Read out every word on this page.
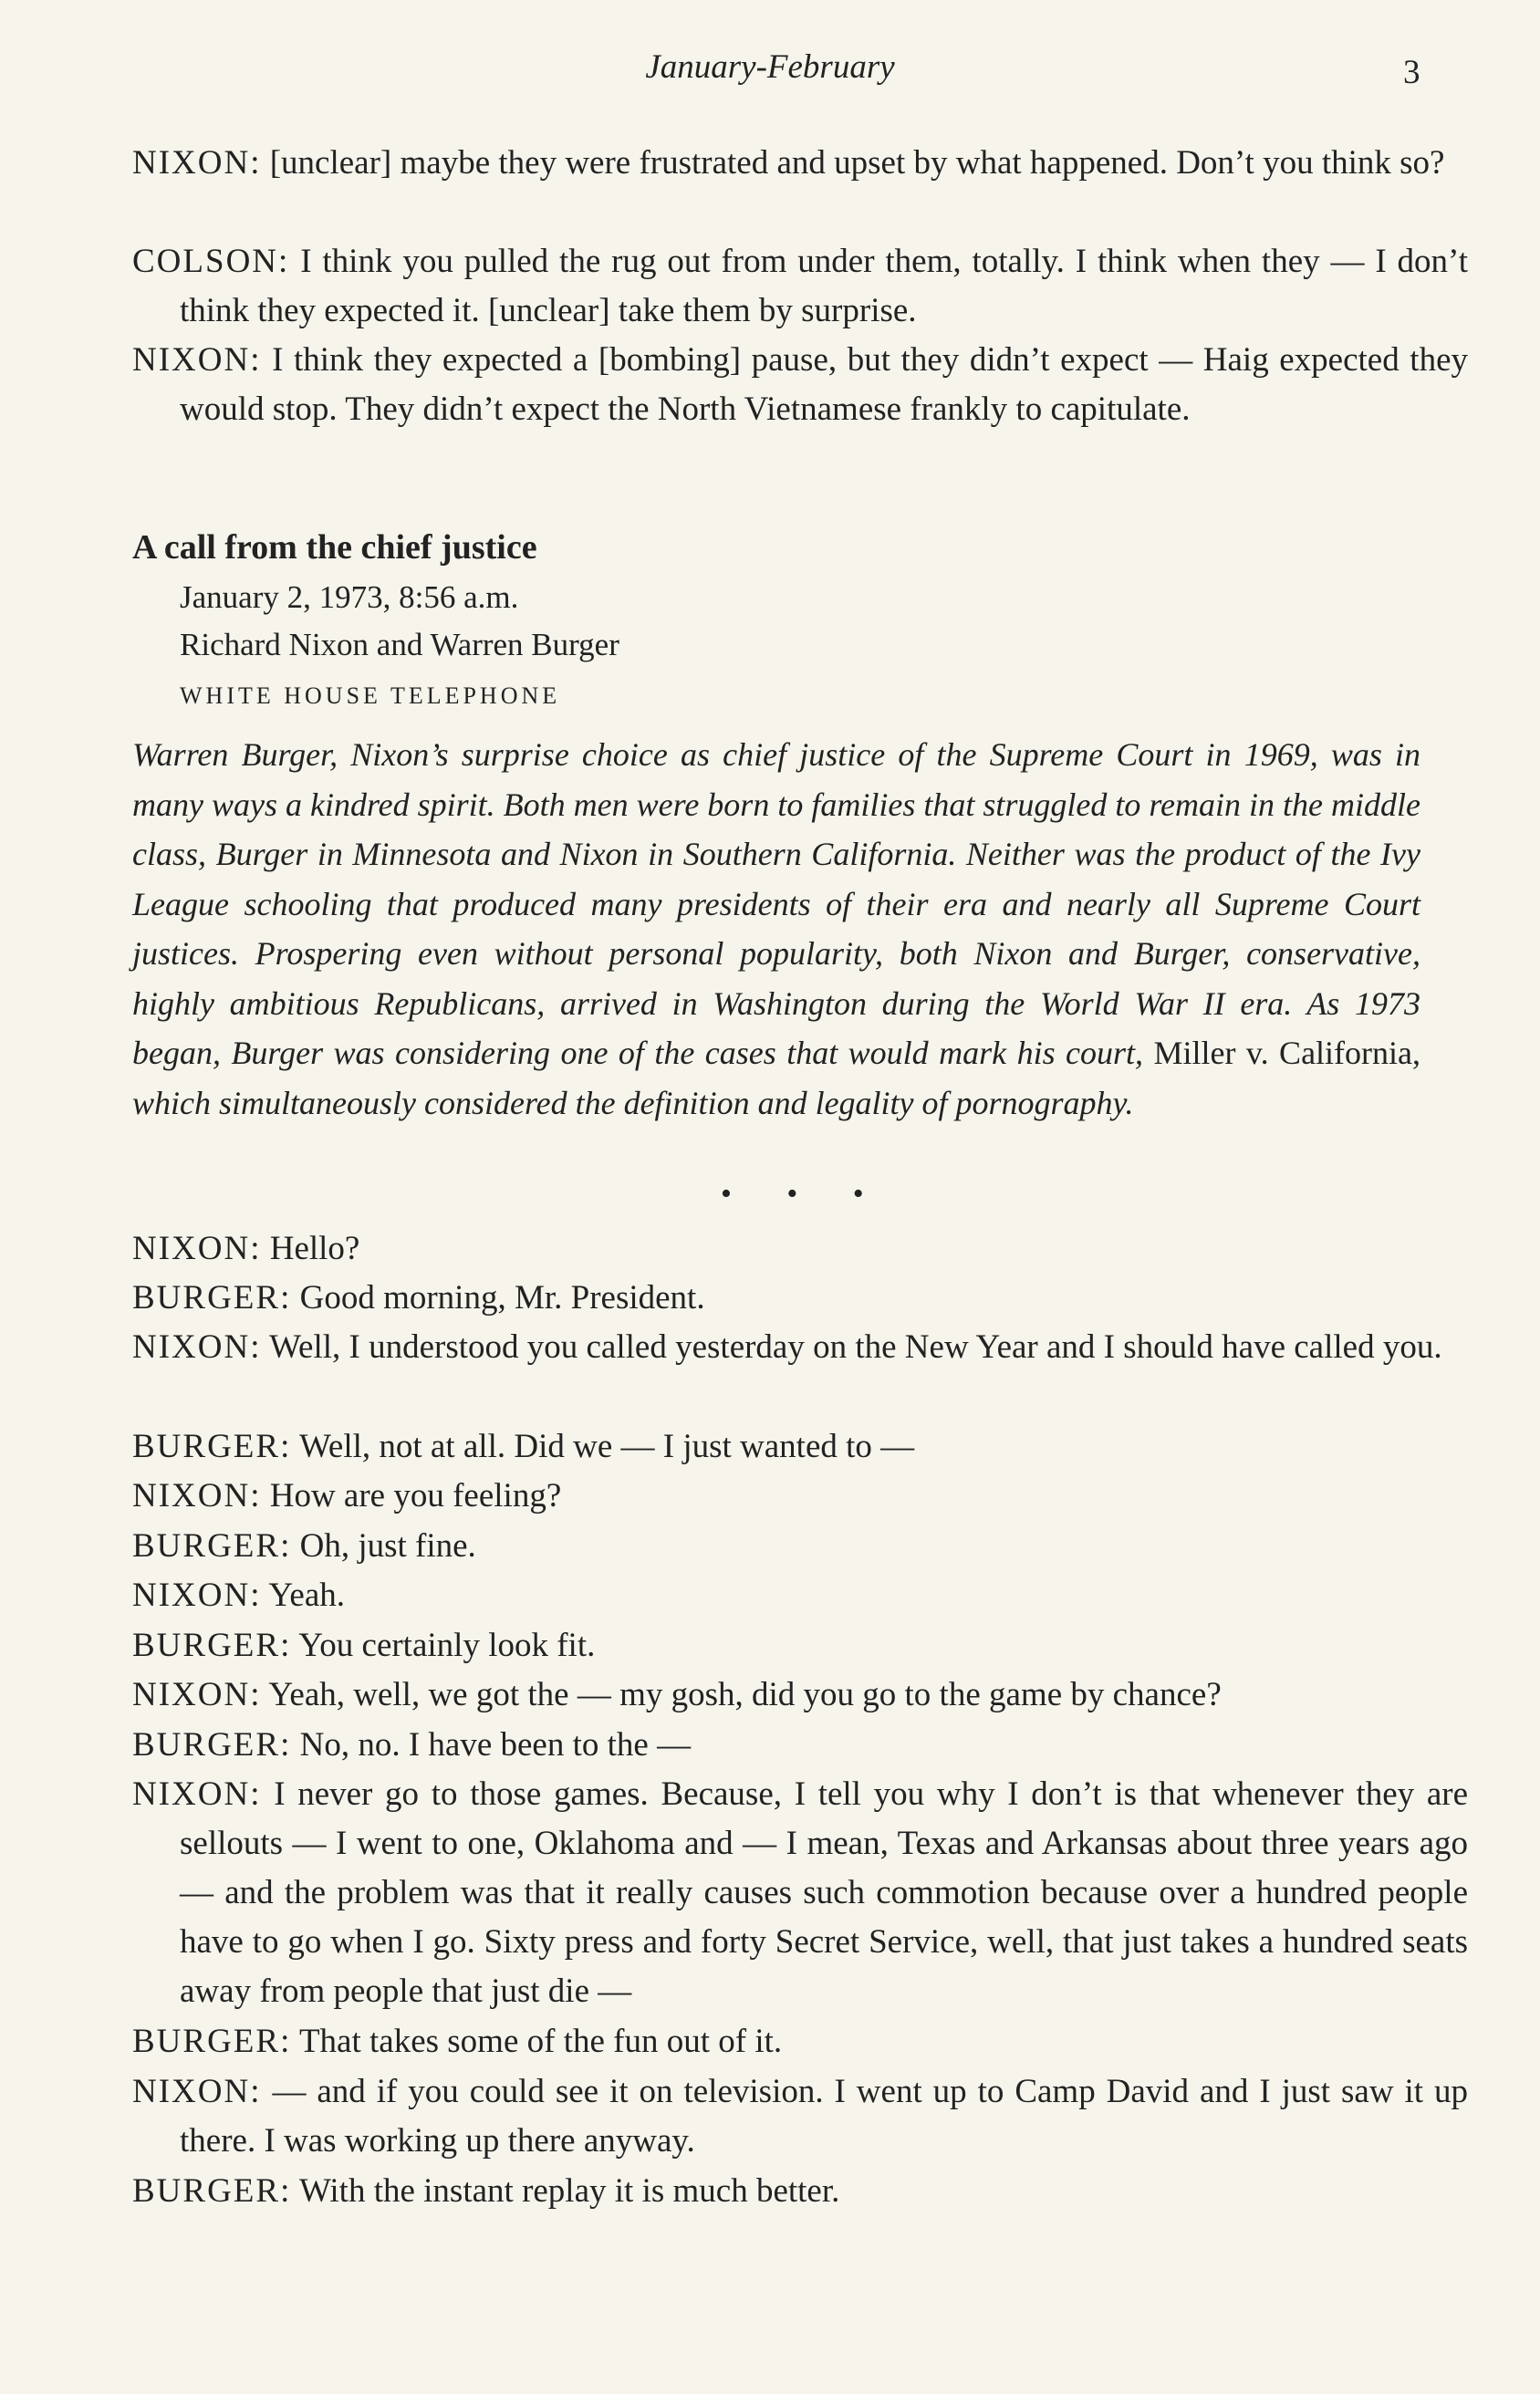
January-February	3

NIXON: [unclear] maybe they were frustrated and upset by what happened. Don’t you think so?

COLSON: I think you pulled the rug out from under them, totally. I think when they — I don’t think they expected it. [unclear] take them by surprise.

NIXON: I think they expected a [bombing] pause, but they didn’t expect — Haig expected they would stop. They didn’t expect the North Vietnamese frankly to capitulate.

A call from the chief justice

January 2, 1973, 8:56 a.m.

Richard Nixon and Warren Burger

WHITE HOUSE TELEPHONE

Warren Burger, Nixon’s surprise choice as chief justice of the Supreme Court in 1969, was in many ways a kindred spirit. Both men were born to families that struggled to remain in the middle class, Burger in Minnesota and Nixon in Southern California. Neither was the product of the Ivy League schooling that produced many presidents of their era and nearly all Supreme Court justices. Prospering even without personal popularity, both Nixon and Burger, conservative, highly ambitious Republicans, arrived in Washington during the World War II era. As 1973 began, Burger was considering one of the cases that would mark his court, Miller v. California, which simultaneously considered the definition and legality of pornography.

• • •

NIXON: Hello?

BURGER: Good morning, Mr. President.

NIXON: Well, I understood you called yesterday on the New Year and I should have called you.

BURGER: Well, not at all. Did we — I just wanted to —

NIXON: How are you feeling?

BURGER: Oh, just fine.

NIXON: Yeah.

BURGER: You certainly look fit.

NIXON: Yeah, well, we got the — my gosh, did you go to the game by chance?

BURGER: No, no. I have been to the —

NIXON: I never go to those games. Because, I tell you why I don’t is that whenever they are sellouts — I went to one, Oklahoma and — I mean, Texas and Arkansas about three years ago — and the problem was that it really causes such commotion because over a hundred people have to go when I go. Sixty press and forty Secret Service, well, that just takes a hundred seats away from people that just die —

BURGER: That takes some of the fun out of it.

NIXON: — and if you could see it on television. I went up to Camp David and I just saw it up there. I was working up there anyway.

BURGER: With the instant replay it is much better.
